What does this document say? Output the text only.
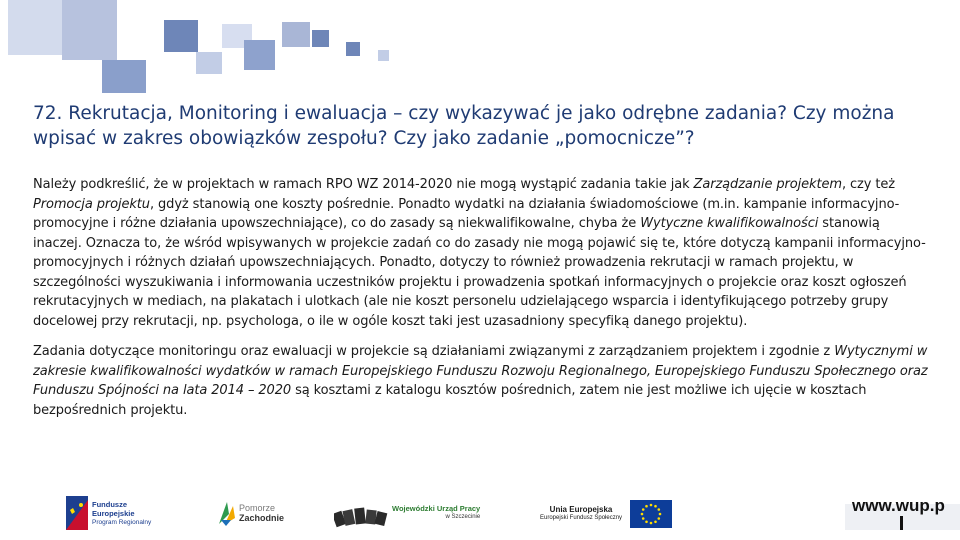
72. Rekrutacja, Monitoring i ewaluacja – czy wykazywać je jako odrębne zadania? Czy można wpisać w zakres obowiązków zespołu? Czy jako zadanie „pomocnicze”?

Należy podkreślić, że w projektach w ramach RPO WZ 2014-2020 nie mogą wystąpić zadania takie jak Zarządzanie projektem, czy też Promocja projektu, gdyż stanowią one koszty pośrednie. Ponadto wydatki na działania świadomościowe (m.in. kampanie informacyjno-promocyjne i różne działania upowszechniające), co do zasady są niekwalifikowalne, chyba że Wytyczne kwalifikowalności stanowią inaczej. Oznacza to, że wśród wpisywanych w projekcie zadań co do zasady nie mogą pojawić się te, które dotyczą kampanii informacyjno-promocyjnych i różnych działań upowszechniających. Ponadto, dotyczy to również prowadzenia rekrutacji w ramach projektu, w szczególności wyszukiwania i informowania uczestników projektu i prowadzenia spotkań informacyjnych o projekcie oraz koszt ogłoszeń rekrutacyjnych w mediach, na plakatach i ulotkach (ale nie koszt personelu udzielającego wsparcia i identyfikującego potrzeby grupy docelowej przy rekrutacji, np. psychologa, o ile w ogóle koszt taki jest uzasadniony specyfiką danego projektu).

Zadania dotyczące monitoringu oraz ewaluacji w projekcie są działaniami związanymi z zarządzaniem projektem i zgodnie z Wytycznymi w zakresie kwalifikowalności wydatków w ramach Europejskiego Funduszu Rozwoju Regionalnego, Europejskiego Funduszu Społecznego oraz Funduszu Spójności na lata 2014 – 2020 są kosztami z katalogu kosztów pośrednich, zatem nie jest możliwe ich ujęcie w kosztach bezpośrednich projektu.

Fundusze
Europejskie
Program Regionalny
Pomorze
Zachodnie
Wojewódzki Urząd Pracy
w Szczecinie
Unia Europejska
Europejski Fundusz Społeczny
www.wup.p
